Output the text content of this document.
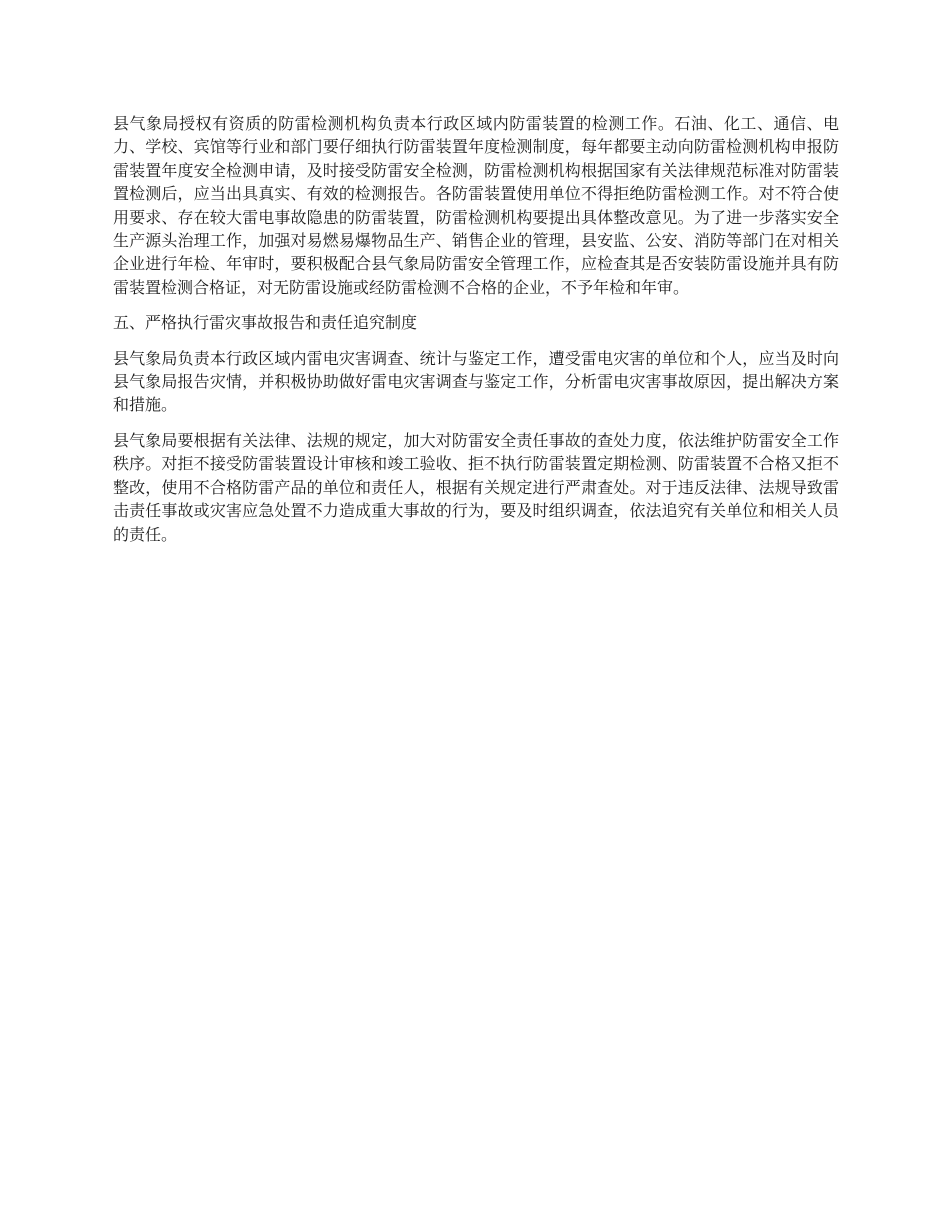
县气象局授权有资质的防雷检测机构负责本行政区域内防雷装置的检测工作。石油、化工、通信、电力、学校、宾馆等行业和部门要仔细执行防雷装置年度检测制度，每年都要主动向防雷检测机构申报防雷装置年度安全检测申请，及时接受防雷安全检测，防雷检测机构根据国家有关法律规范标准对防雷装置检测后，应当出具真实、有效的检测报告。各防雷装置使用单位不得拒绝防雷检测工作。对不符合使用要求、存在较大雷电事故隐患的防雷装置，防雷检测机构要提出具体整改意见。为了进一步落实安全生产源头治理工作，加强对易燃易爆物品生产、销售企业的管理，县安监、公安、消防等部门在对相关企业进行年检、年审时，要积极配合县气象局防雷安全管理工作，应检查其是否安装防雷设施并具有防雷装置检测合格证，对无防雷设施或经防雷检测不合格的企业，不予年检和年审。

五、严格执行雷灾事故报告和责任追究制度

县气象局负责本行政区域内雷电灾害调查、统计与鉴定工作，遭受雷电灾害的单位和个人，应当及时向县气象局报告灾情，并积极协助做好雷电灾害调查与鉴定工作，分析雷电灾害事故原因，提出解决方案和措施。

县气象局要根据有关法律、法规的规定，加大对防雷安全责任事故的查处力度，依法维护防雷安全工作秩序。对拒不接受防雷装置设计审核和竣工验收、拒不执行防雷装置定期检测、防雷装置不合格又拒不整改，使用不合格防雷产品的单位和责任人，根据有关规定进行严肃查处。对于违反法律、法规导致雷击责任事故或灾害应急处置不力造成重大事故的行为，要及时组织调查，依法追究有关单位和相关人员的责任。
